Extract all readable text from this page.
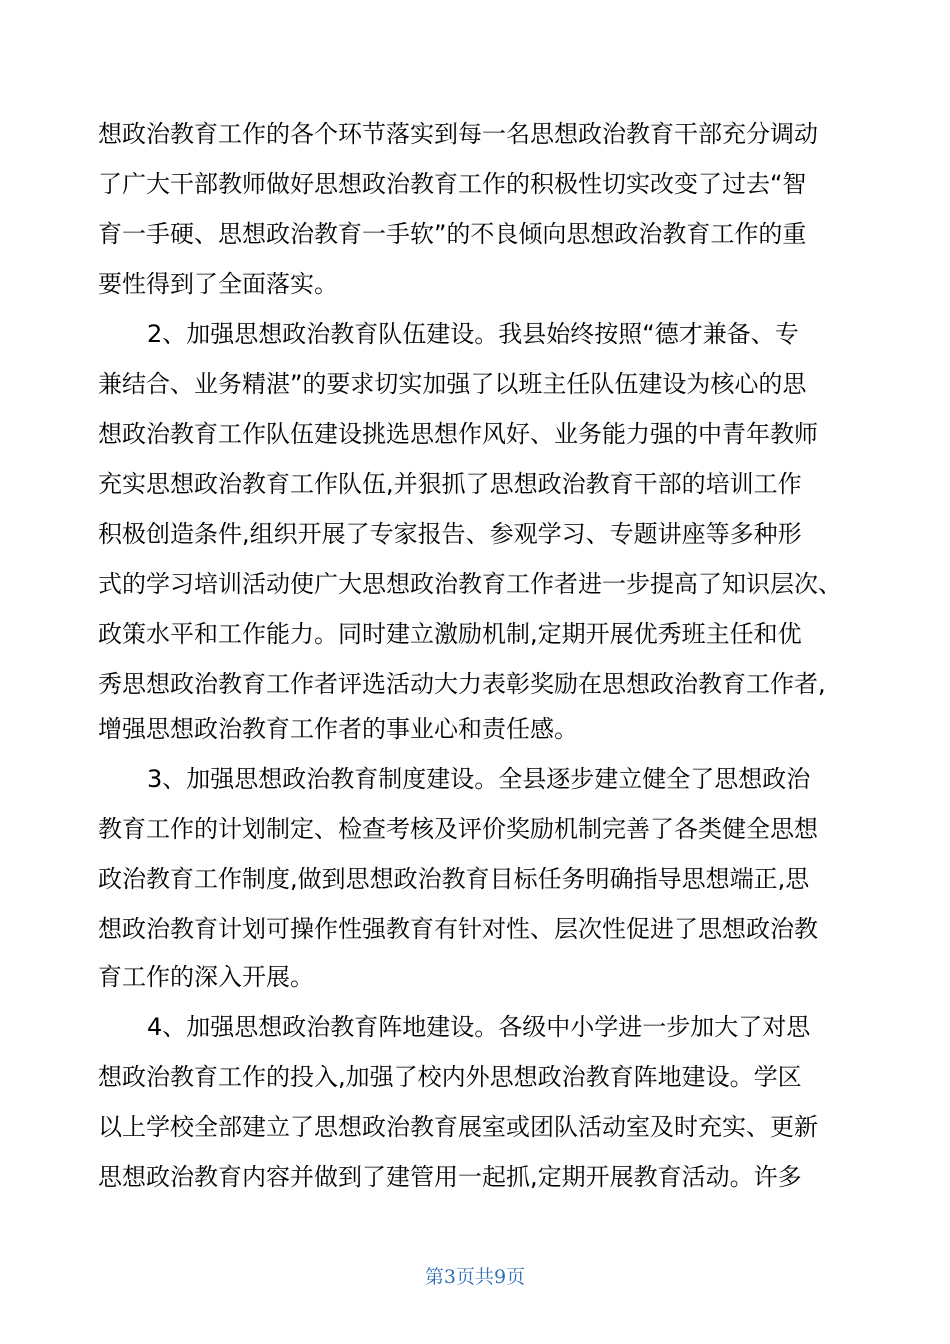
想政治教育工作的各个环节落实到每一名思想政治教育干部充分调动

了广大干部教师做好思想政治教育工作的积极性切实改变了过去“智

育一手硬、思想政治教育一手软”的不良倾向思想政治教育工作的重

要性得到了全面落实。

2、加强思想政治教育队伍建设。我县始终按照“德才兼备、专

兼结合、业务精湛”的要求切实加强了以班主任队伍建设为核心的思

想政治教育工作队伍建设挑选思想作风好、业务能力强的中青年教师

充实思想政治教育工作队伍,并狠抓了思想政治教育干部的培训工作

积极创造条件,组织开展了专家报告、参观学习、专题讲座等多种形

式的学习培训活动使广大思想政治教育工作者进一步提高了知识层次、

政策水平和工作能力。同时建立激励机制,定期开展优秀班主任和优

秀思想政治教育工作者评选活动大力表彰奖励在思想政治教育工作者,

增强思想政治教育工作者的事业心和责任感。

3、加强思想政治教育制度建设。全县逐步建立健全了思想政治

教育工作的计划制定、检查考核及评价奖励机制完善了各类健全思想

政治教育工作制度,做到思想政治教育目标任务明确指导思想端正,思

想政治教育计划可操作性强教育有针对性、层次性促进了思想政治教

育工作的深入开展。

4、加强思想政治教育阵地建设。各级中小学进一步加大了对思

想政治教育工作的投入,加强了校内外思想政治教育阵地建设。学区

以上学校全部建立了思想政治教育展室或团队活动室及时充实、更新

思想政治教育内容并做到了建管用一起抓,定期开展教育活动。许多

第3页共9页
